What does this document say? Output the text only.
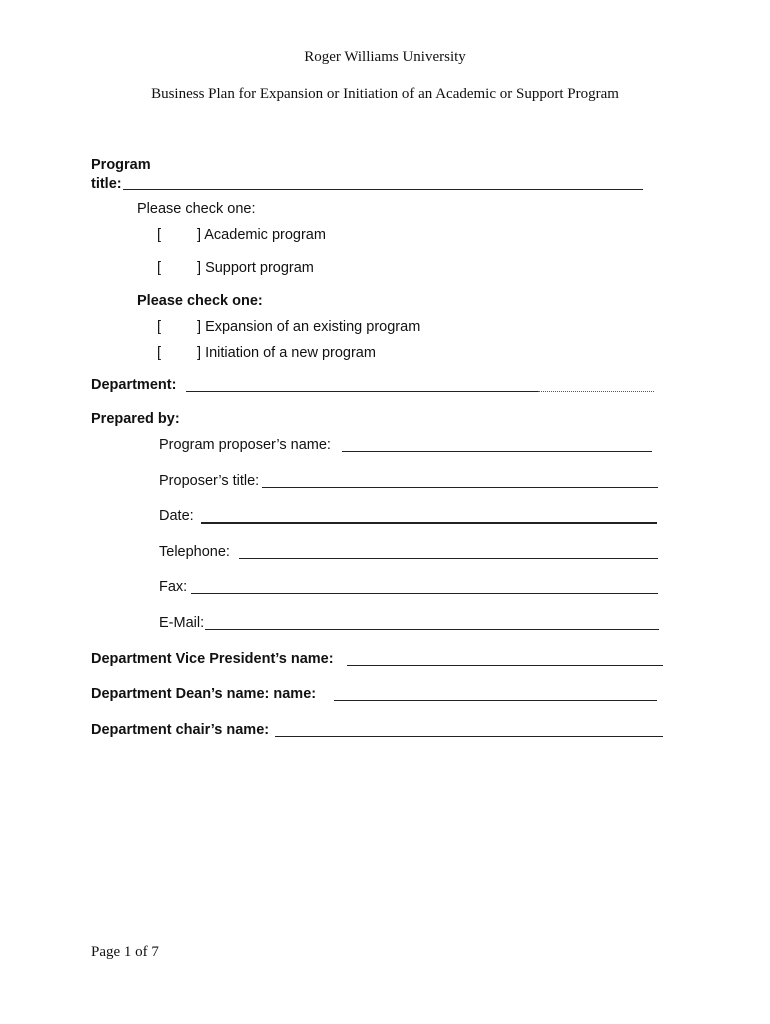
Roger Williams University
Business Plan for Expansion or Initiation of an Academic or Support Program
Program
title:
Please check one:
[ ] Academic program
[ ] Support program
Please check one:
[ ] Expansion of an existing program
[ ] Initiation of a new program
Department:
Prepared by:
Program proposer’s name:
Proposer’s title:
Date:
Telephone:
Fax:
E-Mail:
Department Vice President’s name:
Department Dean’s name: name:
Department chair’s name:
Page 1 of 7
